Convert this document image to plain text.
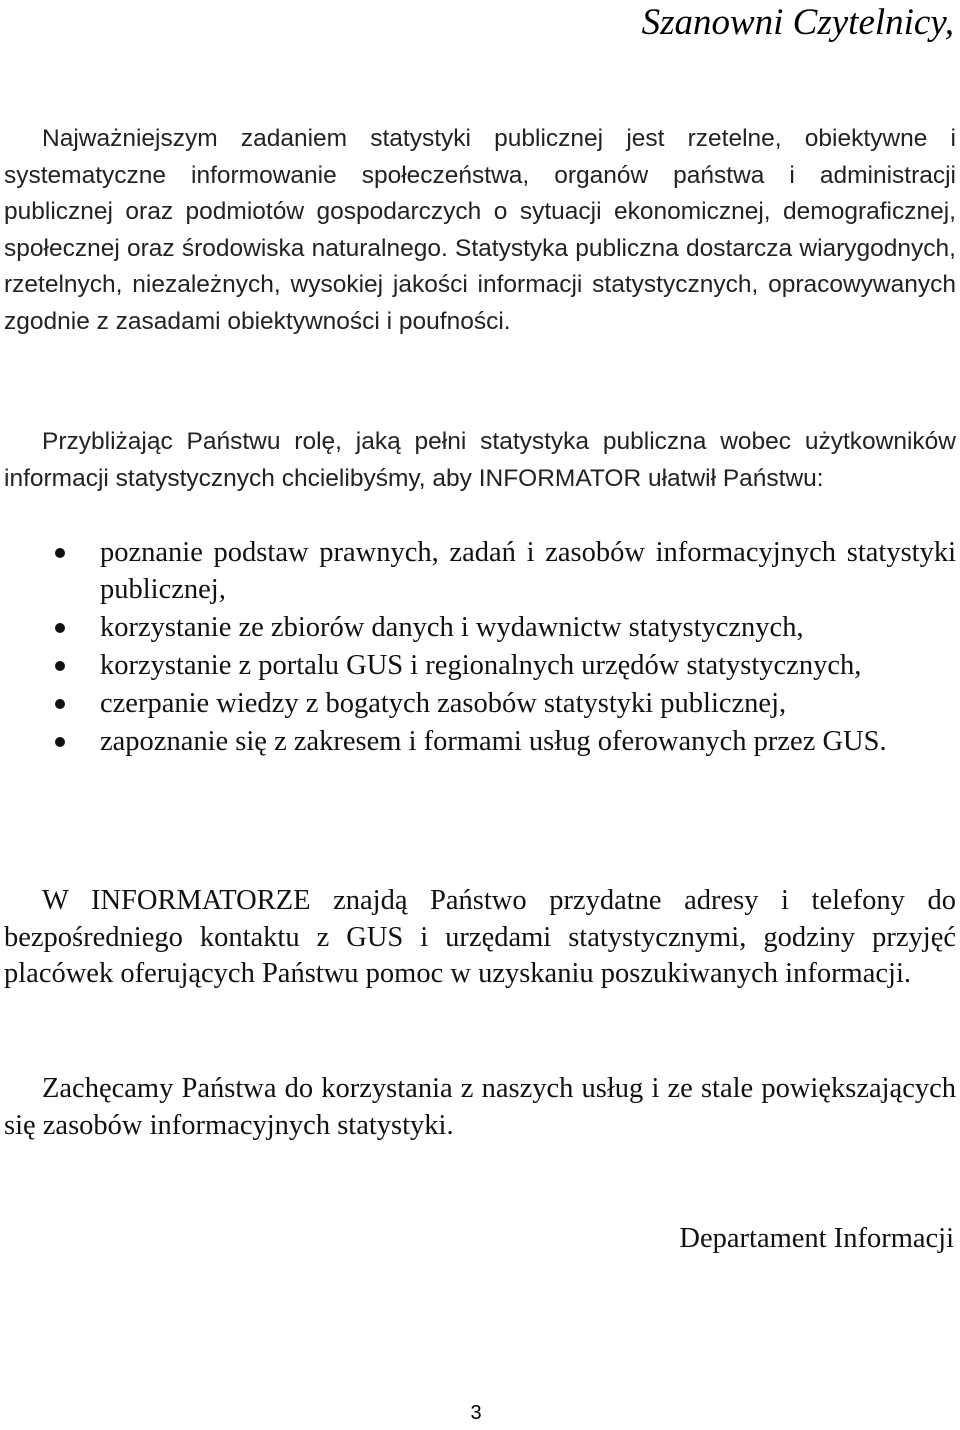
Szanowni Czytelnicy,

Najważniejszym zadaniem statystyki publicznej jest rzetelne, obiektywne i systematyczne informowanie społeczeństwa, organów państwa i administracji publicznej oraz podmiotów gospodarczych o sytuacji ekonomicznej, demograficznej, społecznej oraz środowiska naturalnego. Statystyka publiczna dostarcza wiarygodnych, rzetelnych, niezależnych, wysokiej jakości informacji statystycznych, opracowywanych zgodnie z zasadami obiektywności i poufności.

Przybliżając Państwu rolę, jaką pełni statystyka publiczna wobec użytkowników informacji statystycznych chcielibyśmy, aby INFORMATOR ułatwił Państwu:

poznanie podstaw prawnych, zadań i zasobów informacyjnych statystyki publicznej,
korzystanie ze zbiorów danych i wydawnictw statystycznych,
korzystanie z portalu GUS i regionalnych urzędów statystycznych,
czerpanie wiedzy z bogatych zasobów statystyki publicznej,
zapoznanie się z zakresem i formami usług oferowanych przez GUS.

W INFORMATORZE znajdą Państwo przydatne adresy i telefony do bezpośredniego kontaktu z GUS i urzędami statystycznymi, godziny przyjęć placówek oferujących Państwu pomoc w uzyskaniu poszukiwanych informacji.

Zachęcamy Państwa do korzystania z naszych usług i ze stale powiększających się zasobów informacyjnych statystyki.

Departament Informacji

3
